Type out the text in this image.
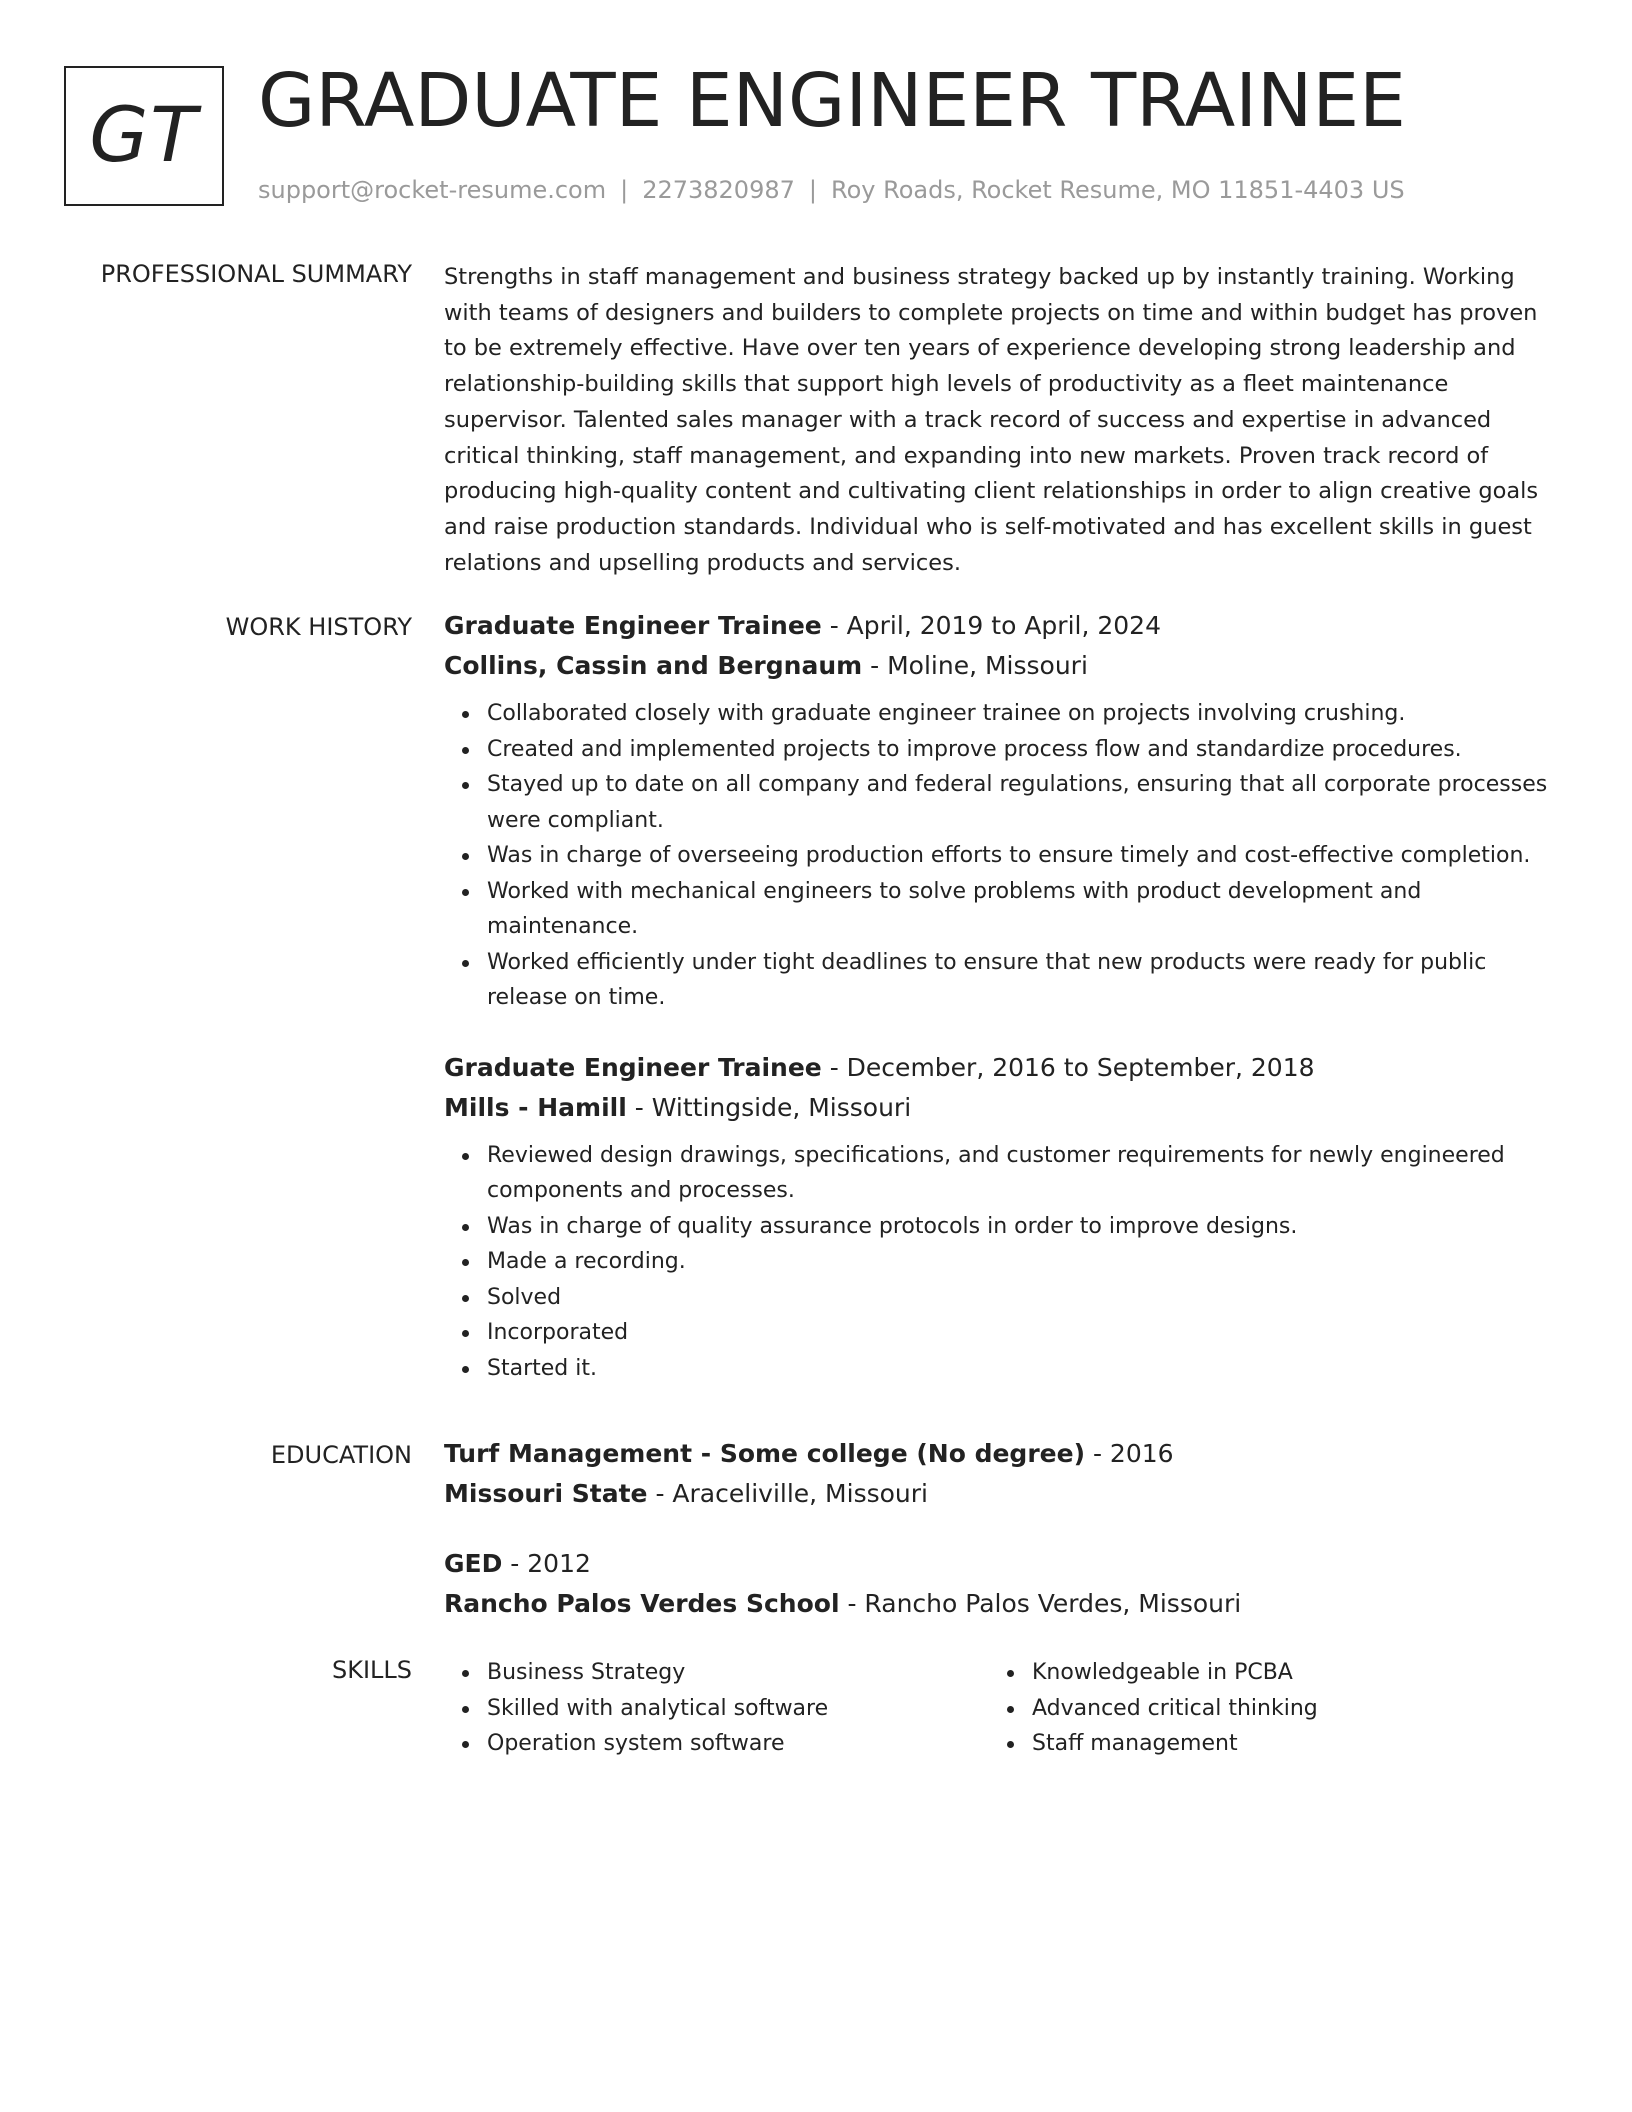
GT GRADUATE ENGINEER TRAINEE
support@rocket-resume.com | 2273820987 | Roy Roads, Rocket Resume, MO 11851-4403 US
PROFESSIONAL SUMMARY Strengths in staff management and business strategy backed up by instantly training. Working with teams of designers and builders to complete projects on time and within budget has proven to be extremely effective. Have over ten years of experience developing strong leadership and relationship-building skills that support high levels of productivity as a fleet maintenance supervisor. Talented sales manager with a track record of success and expertise in advanced critical thinking, staff management, and expanding into new markets. Proven track record of producing high-quality content and cultivating client relationships in order to align creative goals and raise production standards. Individual who is self-motivated and has excellent skills in guest relations and upselling products and services.

WORK HISTORY Graduate Engineer Trainee - April, 2019 to April, 2024
Collins, Cassin and Bergnaum - Moline, Missouri
Collaborated closely with graduate engineer trainee on projects involving crushing.
Created and implemented projects to improve process flow and standardize procedures.
Stayed up to date on all company and federal regulations, ensuring that all corporate processes were compliant.
Was in charge of overseeing production efforts to ensure timely and cost-effective completion.
Worked with mechanical engineers to solve problems with product development and maintenance.
Worked efficiently under tight deadlines to ensure that new products were ready for public release on time.
Graduate Engineer Trainee - December, 2016 to September, 2018
Mills - Hamill - Wittingside, Missouri
Reviewed design drawings, specifications, and customer requirements for newly engineered components and processes.
Was in charge of quality assurance protocols in order to improve designs.
Made a recording.
Solved
Incorporated
Started it.
EDUCATION Turf Management - Some college (No degree) - 2016
Missouri State - Araceliville, Missouri
GED - 2012
Rancho Palos Verdes School - Rancho Palos Verdes, Missouri
SKILLS	Business Strategy
Skilled with analytical software
Operation system software
Knowledgeable in PCBA
Advanced critical thinking
Staff management
